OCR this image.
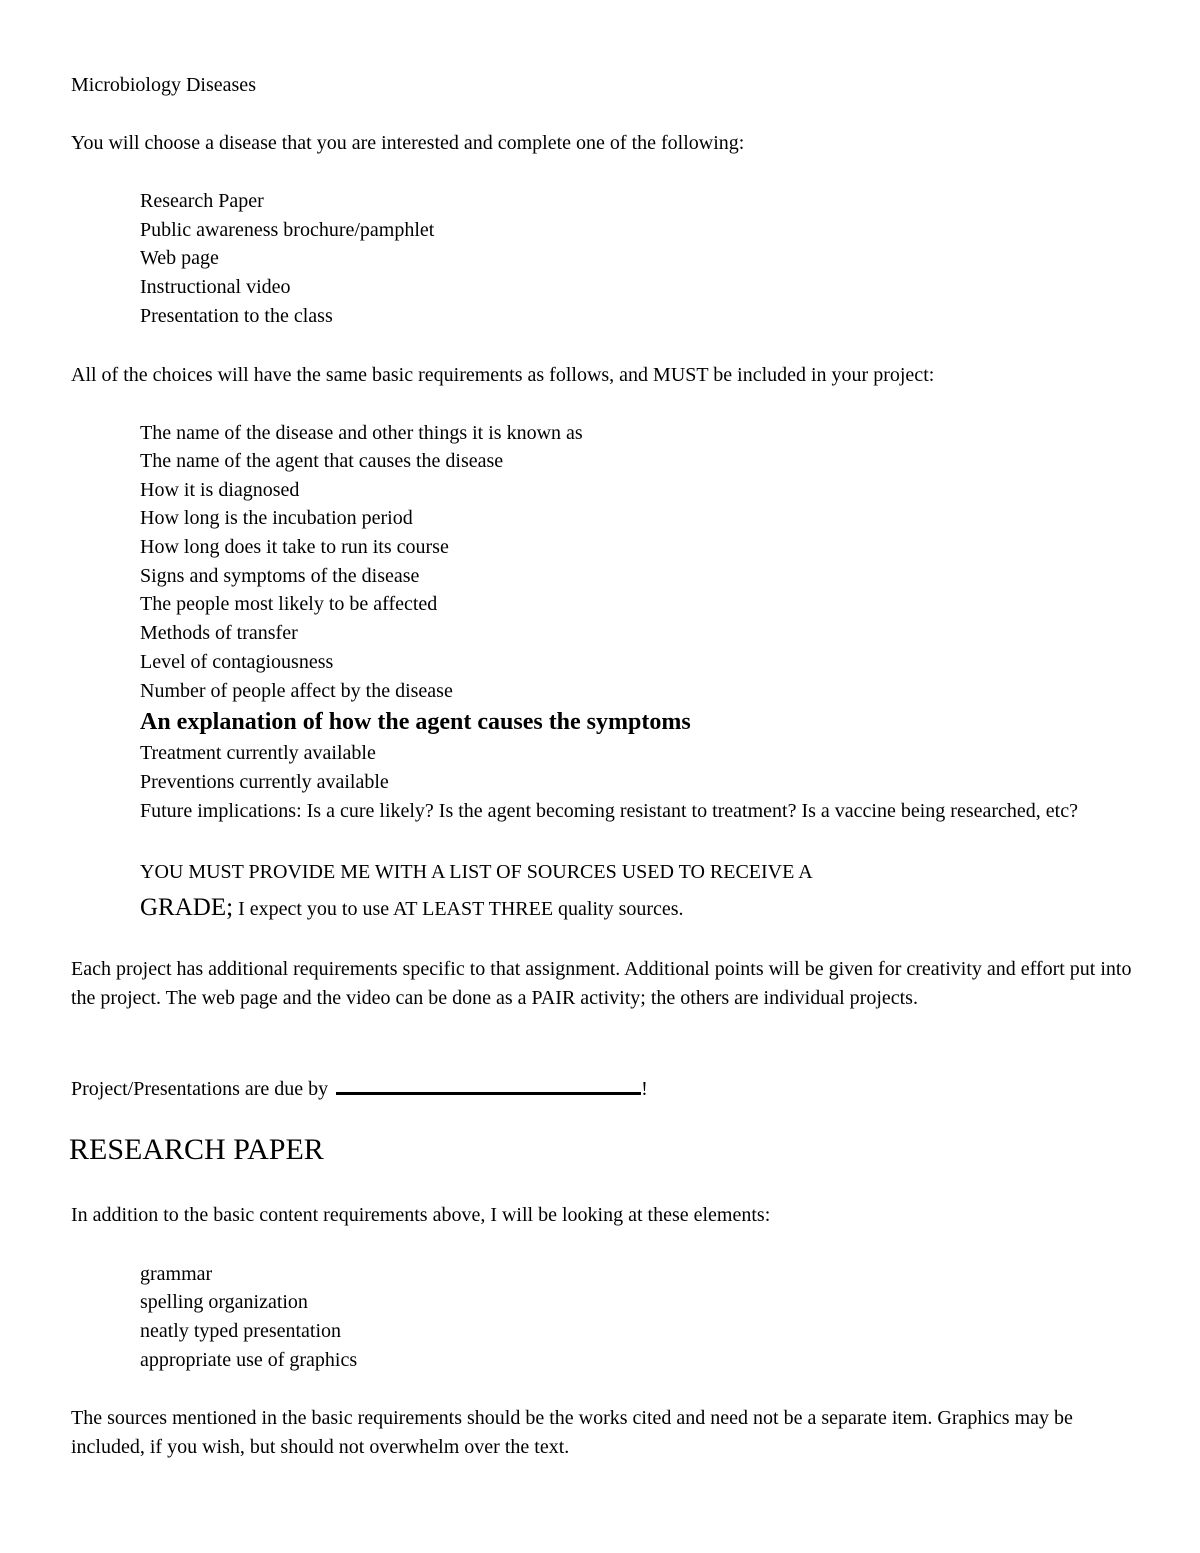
Microbiology Diseases
You will choose a disease that you are interested and complete one of the following:
Research Paper
Public awareness brochure/pamphlet
Web page
Instructional video
Presentation to the class
All of the choices will have the same basic requirements as follows, and MUST be included in your project:
The name of the disease and other things it is known as
The name of the agent that causes the disease
How it is diagnosed
How long is the incubation period
How long does it take to run its course
Signs and symptoms of the disease
The people most likely to be affected
Methods of transfer
Level of contagiousness
Number of people affect by the disease
An explanation of how the agent causes the symptoms
Treatment currently available
Preventions currently available
Future implications: Is a cure likely? Is the agent becoming resistant to treatment? Is a vaccine being researched, etc?
YOU MUST PROVIDE ME WITH A LIST OF SOURCES USED TO RECEIVE A
GRADE; I expect you to use AT LEAST THREE quality sources.
Each project has additional requirements specific to that assignment. Additional points will be given for creativity and effort put into the project. The web page and the video can be done as a PAIR activity; the others are individual projects.
Project/Presentations are due by	!
RESEARCH PAPER
In addition to the basic content requirements above, I will be looking at these elements:
grammar
spelling organization
neatly typed presentation
appropriate use of graphics
The sources mentioned in the basic requirements should be the works cited and need not be a separate item. Graphics may be included, if you wish, but should not overwhelm over the text.
